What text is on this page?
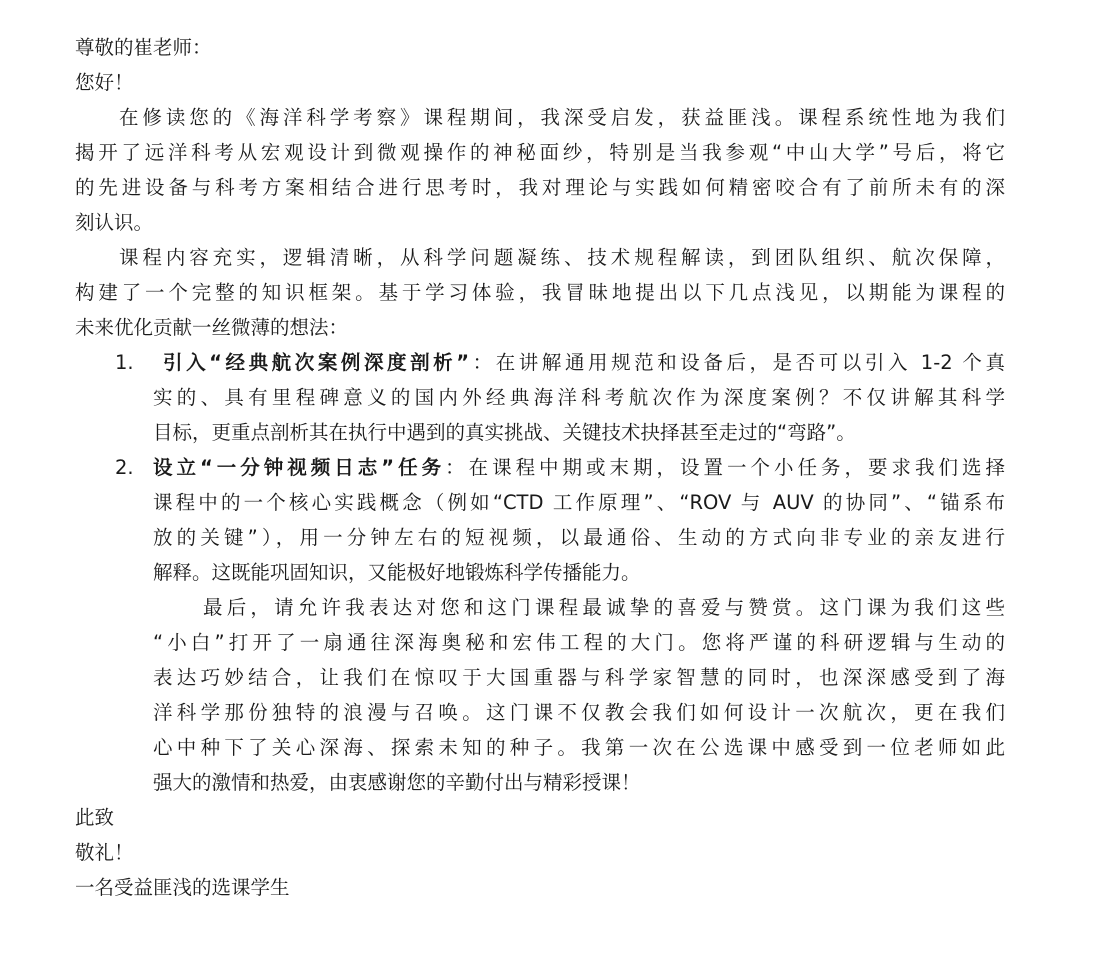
尊敬的崔老师：
您好！
在修读您的《海洋科学考察》课程期间，我深受启发，获益匪浅。课程系统性地为我们
揭开了远洋科考从宏观设计到微观操作的神秘面纱，特别是当我参观“中山大学”号后，将它
的先进设备与科考方案相结合进行思考时，我对理论与实践如何精密咬合有了前所未有的深
刻认识。
课程内容充实，逻辑清晰，从科学问题凝练、技术规程解读，到团队组织、航次保障，
构建了一个完整的知识框架。基于学习体验，我冒昧地提出以下几点浅见，以期能为课程的
未来优化贡献一丝微薄的想法：
1.	引入“经典航次案例深度剖析”：在讲解通用规范和设备后，是否可以引入 1-2 个真
实的、具有里程碑意义的国内外经典海洋科考航次作为深度案例？不仅讲解其科学
目标，更重点剖析其在执行中遇到的真实挑战、关键技术抉择甚至走过的“弯路”。
2. 设立“一分钟视频日志”任务：在课程中期或末期，设置一个小任务，要求我们选择
课程中的一个核心实践概念（例如“CTD 工作原理”、“ROV 与 AUV 的协同”、“锚系布
放的关键”），用一分钟左右的短视频，以最通俗、生动的方式向非专业的亲友进行
解释。这既能巩固知识，又能极好地锻炼科学传播能力。
最后，请允许我表达对您和这门课程最诚挚的喜爱与赞赏。这门课为我们这些
“小白”打开了一扇通往深海奥秘和宏伟工程的大门。您将严谨的科研逻辑与生动的
表达巧妙结合，让我们在惊叹于大国重器与科学家智慧的同时，也深深感受到了海
洋科学那份独特的浪漫与召唤。这门课不仅教会我们如何设计一次航次，更在我们
心中种下了关心深海、探索未知的种子。我第一次在公选课中感受到一位老师如此
强大的激情和热爱，由衷感谢您的辛勤付出与精彩授课！
此致
敬礼！
一名受益匪浅的选课学生
